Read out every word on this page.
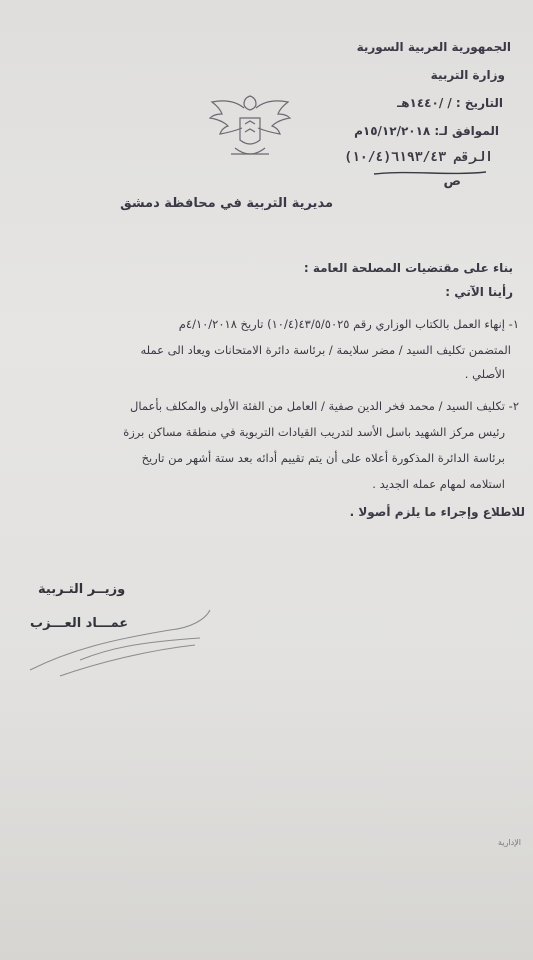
الجمهورية العربية السورية
وزارة التربية
التاريخ : / /١٤٤٠هـ
الموافق لـ: ١٥/١٢/٢٠١٨م
الرقم ٦١٩٣/٤٣(١٠/٤)
ص
مديرية التربية في محافظة دمشق
بناء على مقتضيات المصلحة العامة :
رأينا الآتي :
١- إنهاء العمل بالكتاب الوزاري رقم ٤٣/٥/٥٠٢٥(١٠/٤) تاريخ ٤/١٠/٢٠١٨م
المتضمن تكليف السيد / مضر سلايمة / برئاسة دائرة الامتحانات ويعاد الى عمله
الأصلي .
٢- تكليف السيد / محمد فخر الدين صفية / العامل من الفئة الأولى والمكلف بأعمال
رئيس مركز الشهيد باسل الأسد لتدريب القيادات التربوية في منطقة مساكن برزة
برئاسة الدائرة المذكورة أعلاه على أن يتم تقييم أدائه بعد ستة أشهر من تاريخ
استلامه لمهام عمله الجديد .
للاطلاع وإجراء ما يلزم أصولا .
وزيــر التـربية
عمـــاد العـــزب
الإدارية
